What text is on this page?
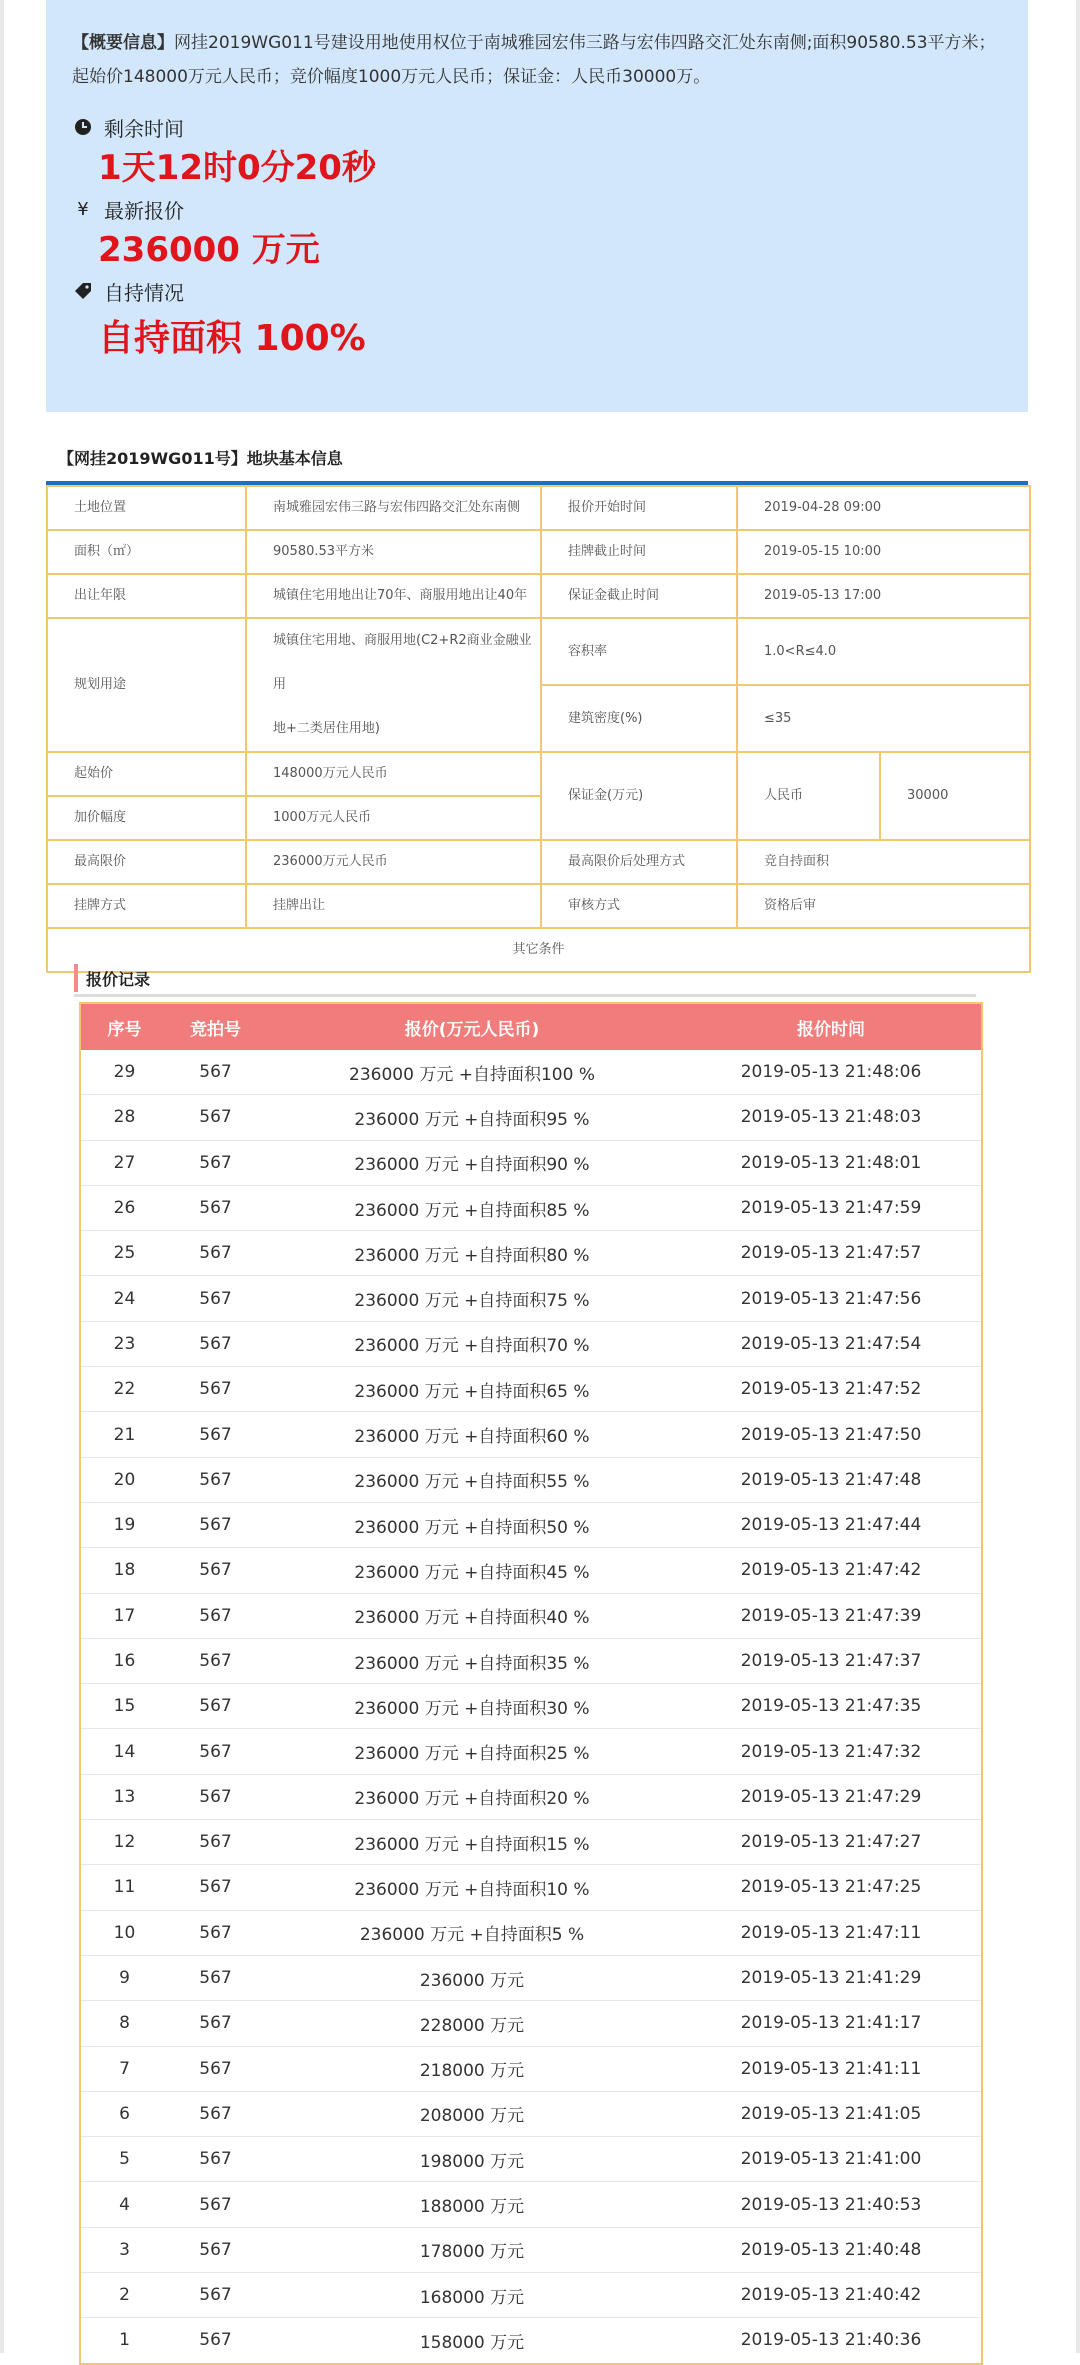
【概要信息】网挂2019WG011号建设用地使用权位于南城雅园宏伟三路与宏伟四路交汇处东南侧;面积90580.53平方米；起始价148000万元人民币；竞价幅度1000万元人民币；保证金：人民币30000万。
剩余时间
1天12时0分20秒
¥ 最新报价
236000 万元
自持情况
自持面积 100%
【网挂2019WG011号】地块基本信息
土地位置	南城雅园宏伟三路与宏伟四路交汇处东南侧	报价开始时间	2019-04-28 09:00	
面积（㎡）	90580.53平方米	挂牌截止时间	2019-05-15 10:00	
出让年限	城镇住宅用地出让70年、商服用地出让40年	保证金截止时间	2019-05-13 17:00	
规划用途	城镇住宅用地、商服用地(C2+R2商业金融业用
地+二类居住用地)	容积率	1.0<R≤4.0	
		建筑密度(%)	≤35	
起始价	148000万元人民币	保证金(万元)	人民币	30000
加价幅度	1000万元人民币			
最高限价	236000万元人民币	最高限价后处理方式	竞自持面积	
挂牌方式	挂牌出让	审核方式	资格后审	
其它条件				
报价记录
序号	竞拍号	报价(万元人民币)	报价时间
29	567	236000 万元 +自持面积100 %	2019-05-13 21:48:06
28	567	236000 万元 +自持面积95 %	2019-05-13 21:48:03
27	567	236000 万元 +自持面积90 %	2019-05-13 21:48:01
26	567	236000 万元 +自持面积85 %	2019-05-13 21:47:59
25	567	236000 万元 +自持面积80 %	2019-05-13 21:47:57
24	567	236000 万元 +自持面积75 %	2019-05-13 21:47:56
23	567	236000 万元 +自持面积70 %	2019-05-13 21:47:54
22	567	236000 万元 +自持面积65 %	2019-05-13 21:47:52
21	567	236000 万元 +自持面积60 %	2019-05-13 21:47:50
20	567	236000 万元 +自持面积55 %	2019-05-13 21:47:48
19	567	236000 万元 +自持面积50 %	2019-05-13 21:47:44
18	567	236000 万元 +自持面积45 %	2019-05-13 21:47:42
17	567	236000 万元 +自持面积40 %	2019-05-13 21:47:39
16	567	236000 万元 +自持面积35 %	2019-05-13 21:47:37
15	567	236000 万元 +自持面积30 %	2019-05-13 21:47:35
14	567	236000 万元 +自持面积25 %	2019-05-13 21:47:32
13	567	236000 万元 +自持面积20 %	2019-05-13 21:47:29
12	567	236000 万元 +自持面积15 %	2019-05-13 21:47:27
11	567	236000 万元 +自持面积10 %	2019-05-13 21:47:25
10	567	236000 万元 +自持面积5 %	2019-05-13 21:47:11
9	567	236000 万元	2019-05-13 21:41:29
8	567	228000 万元	2019-05-13 21:41:17
7	567	218000 万元	2019-05-13 21:41:11
6	567	208000 万元	2019-05-13 21:41:05
5	567	198000 万元	2019-05-13 21:41:00
4	567	188000 万元	2019-05-13 21:40:53
3	567	178000 万元	2019-05-13 21:40:48
2	567	168000 万元	2019-05-13 21:40:42
1	567	158000 万元	2019-05-13 21:40:36
